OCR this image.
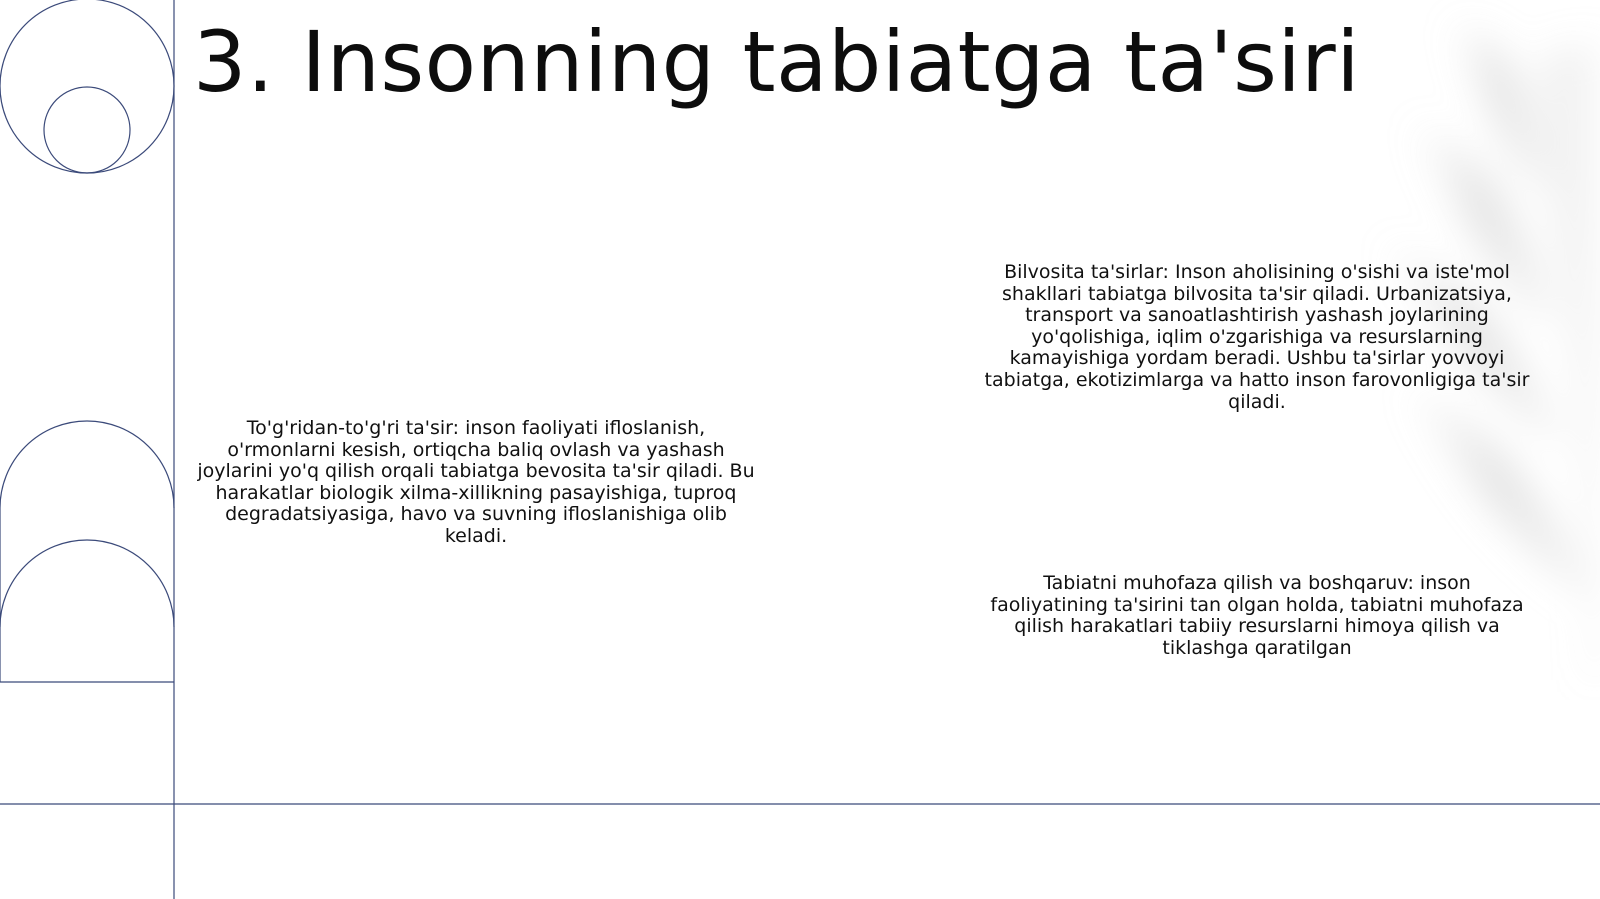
3. Insonning tabiatga ta'siri

Bilvosita ta'sirlar: Inson aholisining o'sishi va iste'mol shakllari tabiatga bilvosita ta'sir qiladi. Urbanizatsiya, transport va sanoatlashtirish yashash joylarining yo'qolishiga, iqlim o'zgarishiga va resurslarning kamayishiga yordam beradi. Ushbu ta'sirlar yovvoyi tabiatga, ekotizimlarga va hatto inson farovonligiga ta'sir qiladi.

To'g'ridan-to'g'ri ta'sir: inson faoliyati ifloslanish, o'rmonlarni kesish, ortiqcha baliq ovlash va yashash joylarini yo'q qilish orqali tabiatga bevosita ta'sir qiladi. Bu harakatlar biologik xilma-xillikning pasayishiga, tuproq degradatsiyasiga, havo va suvning ifloslanishiga olib keladi.

Tabiatni muhofaza qilish va boshqaruv: inson faoliyatining ta'sirini tan olgan holda, tabiatni muhofaza qilish harakatlari tabiiy resurslarni himoya qilish va tiklashga qaratilgan
